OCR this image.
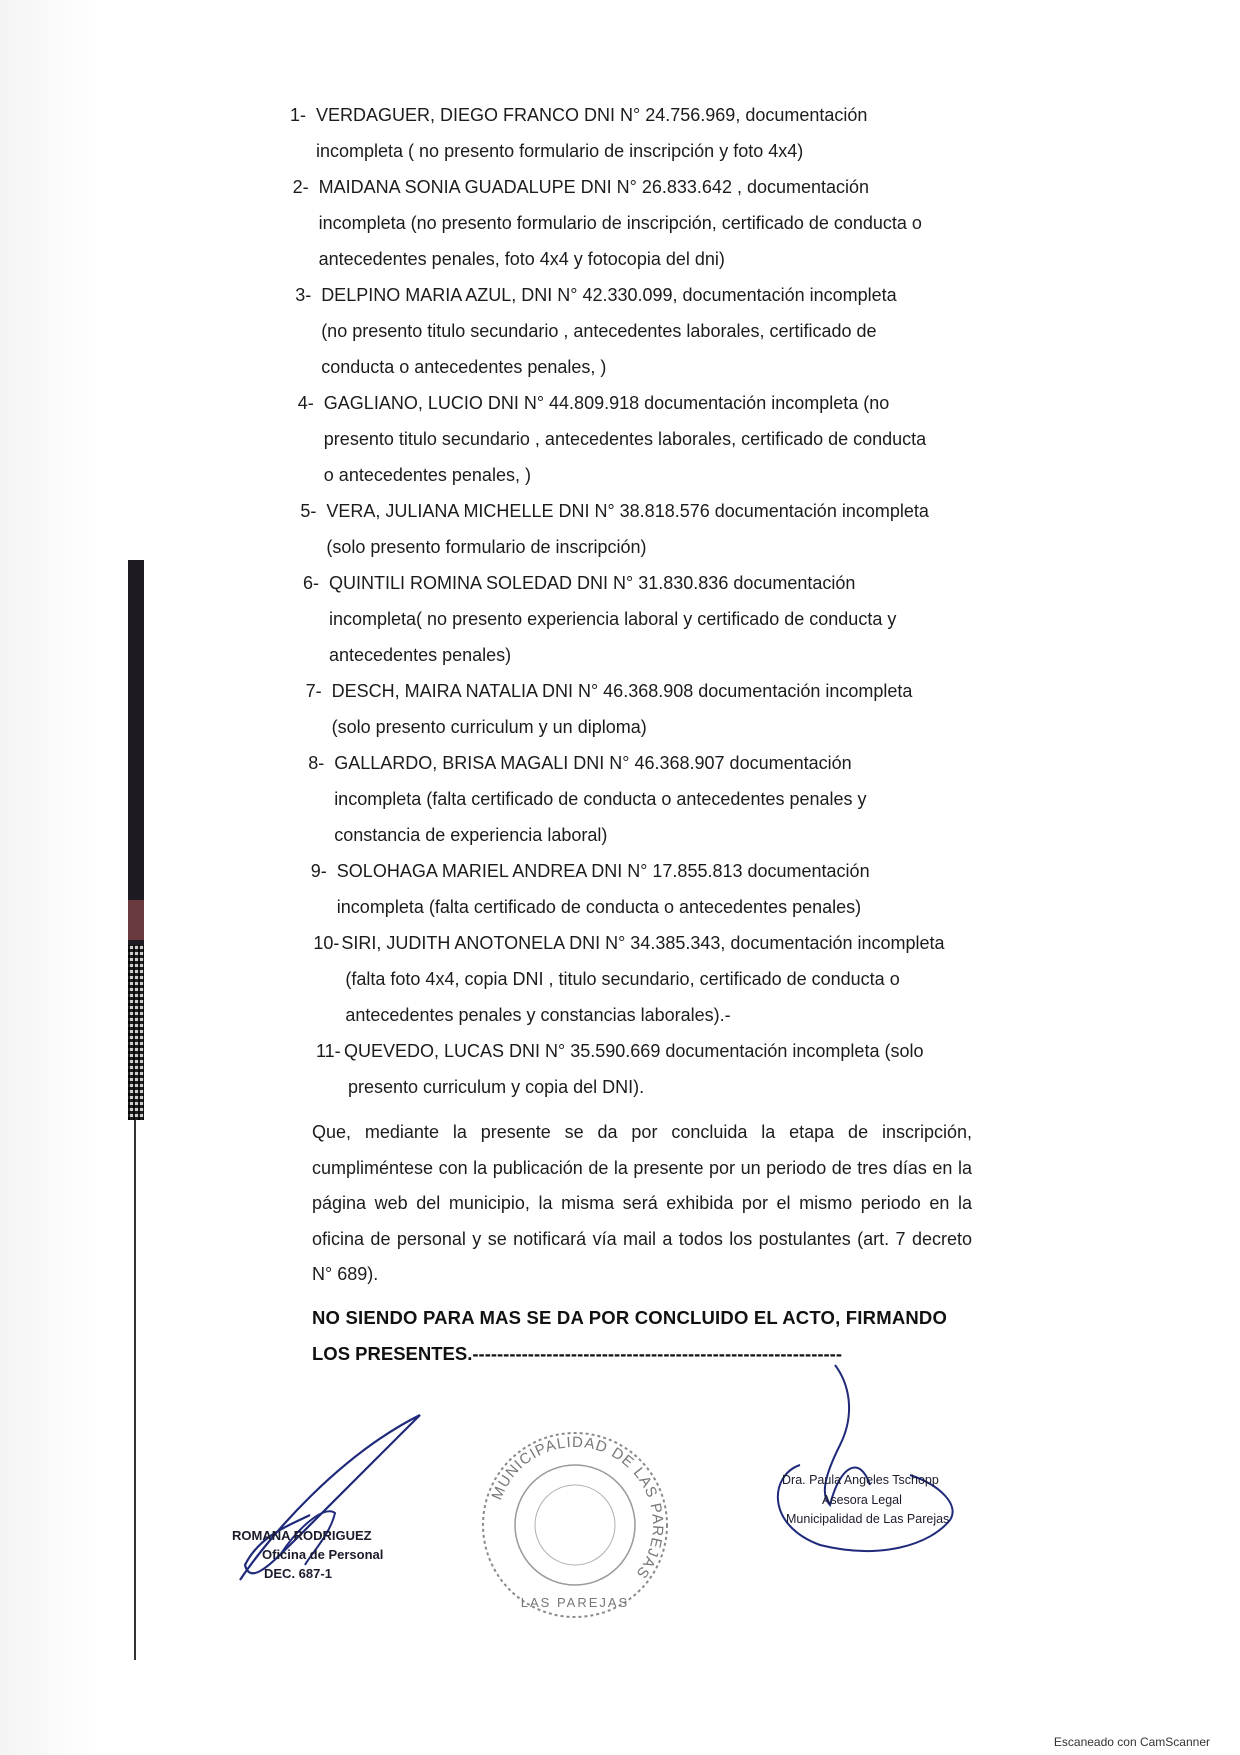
1- VERDAGUER, DIEGO FRANCO DNI N° 24.756.969, documentación
incompleta ( no presento formulario de inscripción y foto 4x4)
2- MAIDANA SONIA GUADALUPE DNI N° 26.833.642 , documentación
incompleta (no presento formulario de inscripción, certificado de conducta o
antecedentes penales, foto 4x4 y fotocopia del dni)
3- DELPINO MARIA AZUL, DNI N° 42.330.099, documentación incompleta
(no presento titulo secundario , antecedentes laborales, certificado de
conducta o antecedentes penales, )
4- GAGLIANO, LUCIO DNI N° 44.809.918 documentación incompleta (no
presento titulo secundario , antecedentes laborales, certificado de conducta
o antecedentes penales, )
5- VERA, JULIANA MICHELLE DNI N° 38.818.576 documentación incompleta
(solo presento formulario de inscripción)
6- QUINTILI ROMINA SOLEDAD DNI N° 31.830.836 documentación
incompleta( no presento experiencia laboral y certificado de conducta y
antecedentes penales)
7- DESCH, MAIRA NATALIA DNI N° 46.368.908 documentación incompleta
(solo presento curriculum y un diploma)
8- GALLARDO, BRISA MAGALI DNI N° 46.368.907 documentación
incompleta (falta certificado de conducta o antecedentes penales y
constancia de experiencia laboral)
9- SOLOHAGA MARIEL ANDREA DNI N° 17.855.813 documentación
incompleta (falta certificado de conducta o antecedentes penales)
10- SIRI, JUDITH ANOTONELA DNI N° 34.385.343, documentación incompleta
(falta foto 4x4, copia DNI , titulo secundario, certificado de conducta o
antecedentes penales y constancias laborales).-
11- QUEVEDO, LUCAS DNI N° 35.590.669 documentación incompleta (solo
presento curriculum y copia del DNI).
Que, mediante la presente se da por concluida la etapa de inscripción, cumpliméntese con la publicación de la presente por un periodo de tres días en la página web del municipio, la misma será exhibida por el mismo periodo en la oficina de personal y se notificará vía mail a todos los postulantes (art. 7 decreto N° 689).
NO SIENDO PARA MAS SE DA POR CONCLUIDO EL ACTO, FIRMANDO
LOS PRESENTES.------------------------------------------------------------
ROMANA RODRIGUEZ
Oficina de Personal
DEC. 687-1
MUNICIPALIDAD DE LAS PAREJAS
LAS PAREJAS
Dra. Paula Angeles Tschopp
Asesora Legal
Municipalidad de Las Parejas
Escaneado con CamScanner
